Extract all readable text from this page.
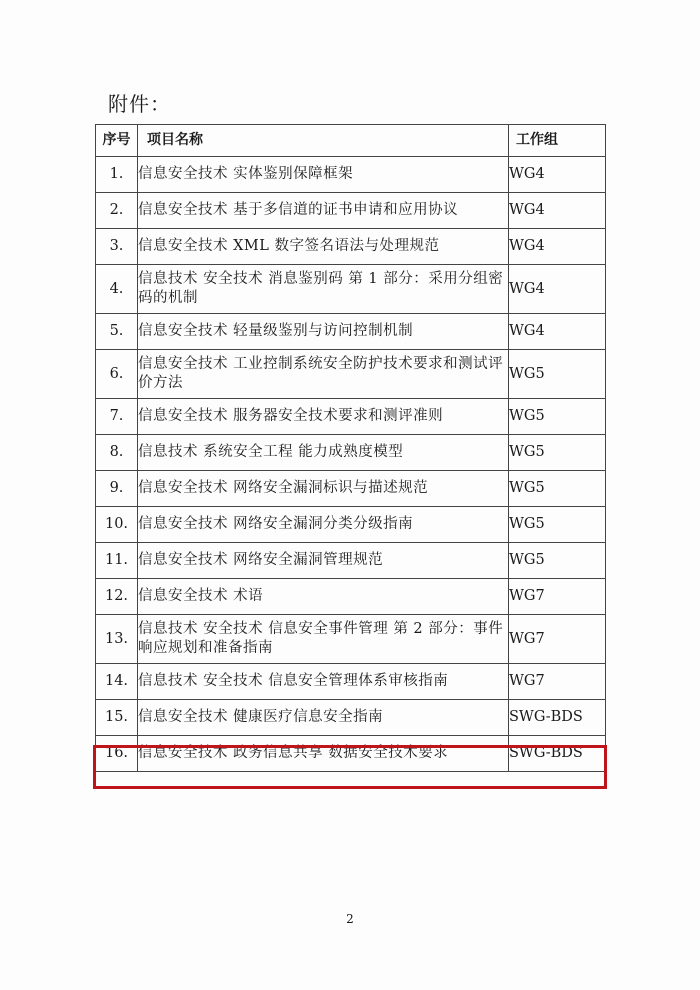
附件：
序号	项目名称	工作组
1.	信息安全技术 实体鉴别保障框架	WG4
2.	信息安全技术 基于多信道的证书申请和应用协议	WG4
3.	信息安全技术 XML 数字签名语法与处理规范	WG4
4.	信息技术 安全技术 消息鉴别码 第 1 部分：采用分组密码的机制	WG4
5.	信息安全技术 轻量级鉴别与访问控制机制	WG4
6.	信息安全技术 工业控制系统安全防护技术要求和测试评价方法	WG5
7.	信息安全技术 服务器安全技术要求和测评准则	WG5
8.	信息技术 系统安全工程 能力成熟度模型	WG5
9.	信息安全技术 网络安全漏洞标识与描述规范	WG5
10.	信息安全技术 网络安全漏洞分类分级指南	WG5
11.	信息安全技术 网络安全漏洞管理规范	WG5
12.	信息安全技术 术语	WG7
13.	信息技术 安全技术 信息安全事件管理 第 2 部分：事件响应规划和准备指南	WG7
14.	信息技术 安全技术 信息安全管理体系审核指南	WG7
15.	信息安全技术 健康医疗信息安全指南	SWG-BDS
16.	信息安全技术 政务信息共享 数据安全技术要求	SWG-BDS
2
